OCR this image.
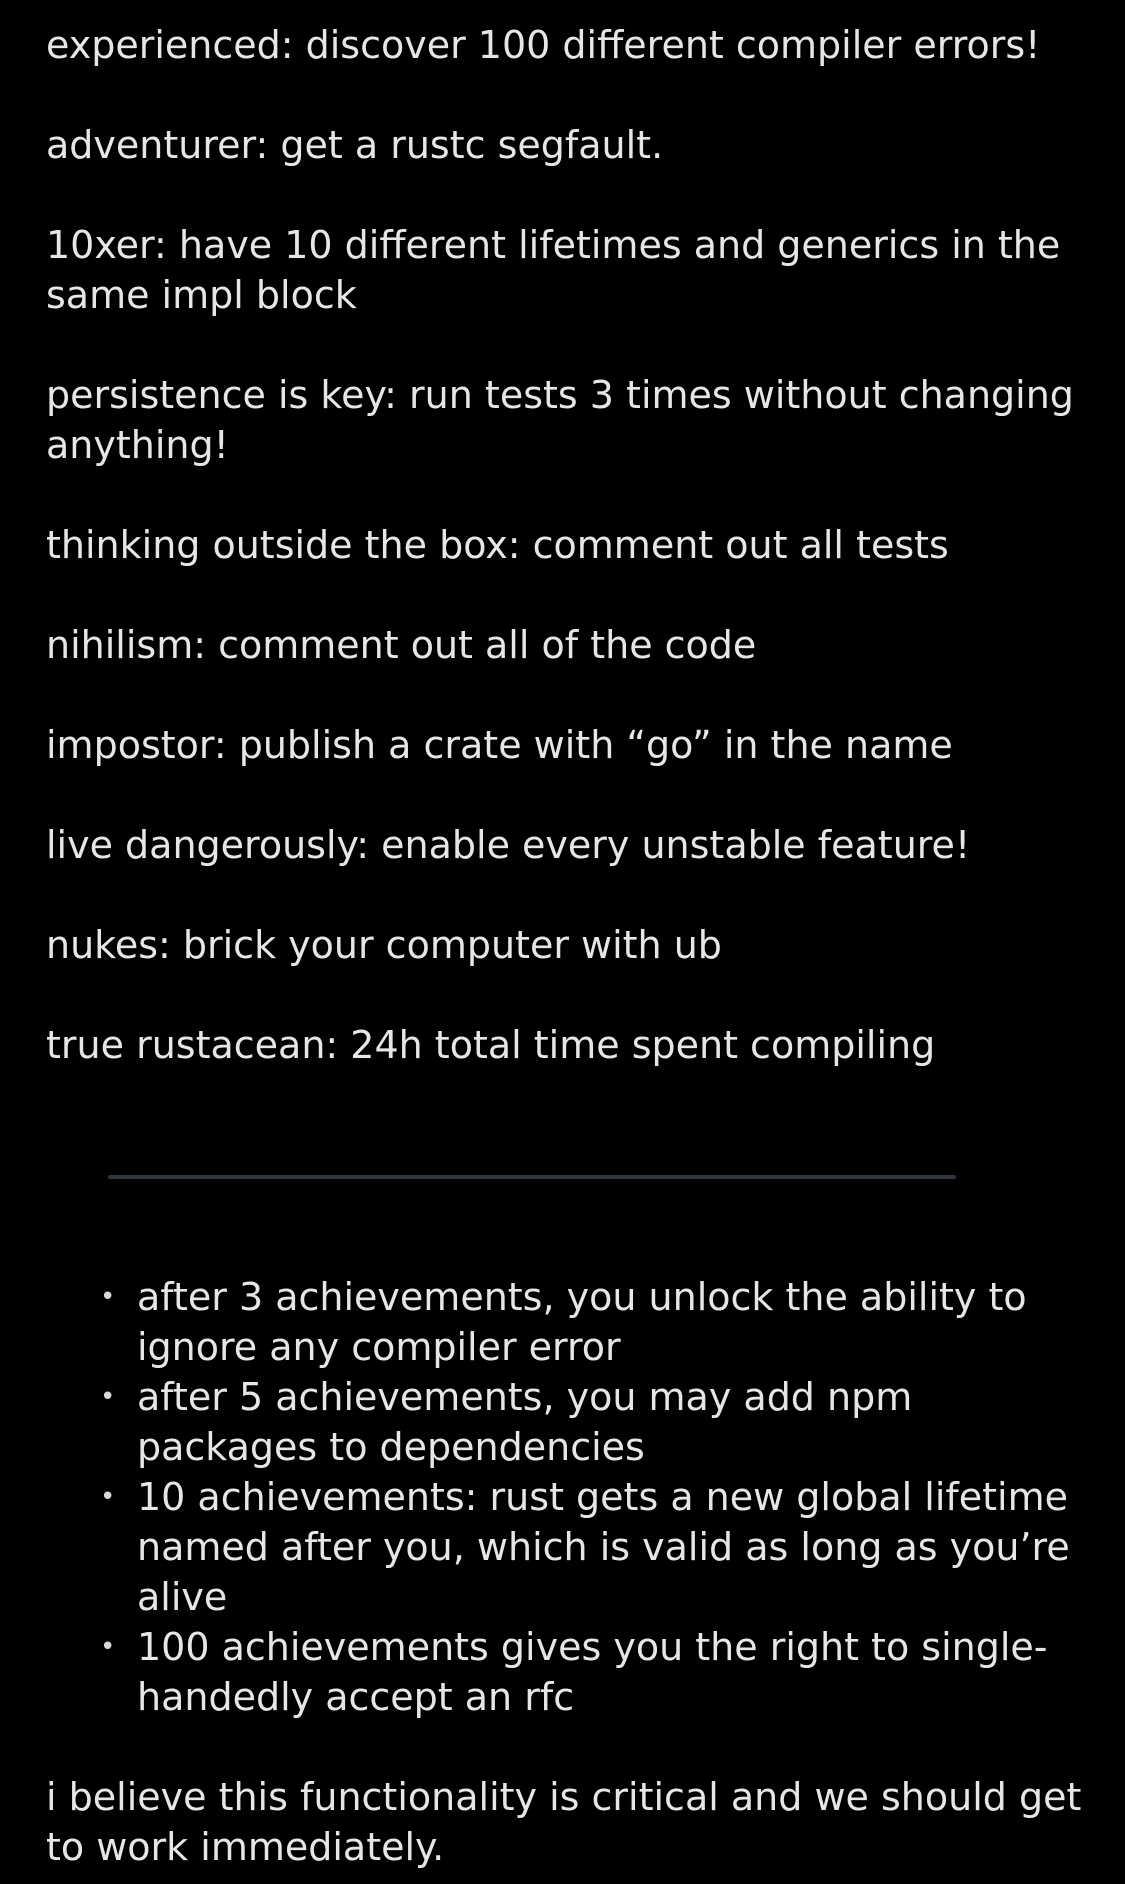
experienced: discover 100 different compiler errors!

adventurer: get a rustc segfault.

10xer: have 10 different lifetimes and generics in the same impl block

persistence is key: run tests 3 times without changing anything!

thinking outside the box: comment out all tests

nihilism: comment out all of the code

impostor: publish a crate with “go” in the name

live dangerously: enable every unstable feature!

nukes: brick your computer with ub

true rustacean: 24h total time spent compiling

• after 3 achievements, you unlock the ability to ignore any compiler error
• after 5 achievements, you may add npm packages to dependencies
• 10 achievements: rust gets a new global lifetime named after you, which is valid as long as you’re alive
• 100 achievements gives you the right to single-handedly accept an rfc

i believe this functionality is critical and we should get to work immediately.
